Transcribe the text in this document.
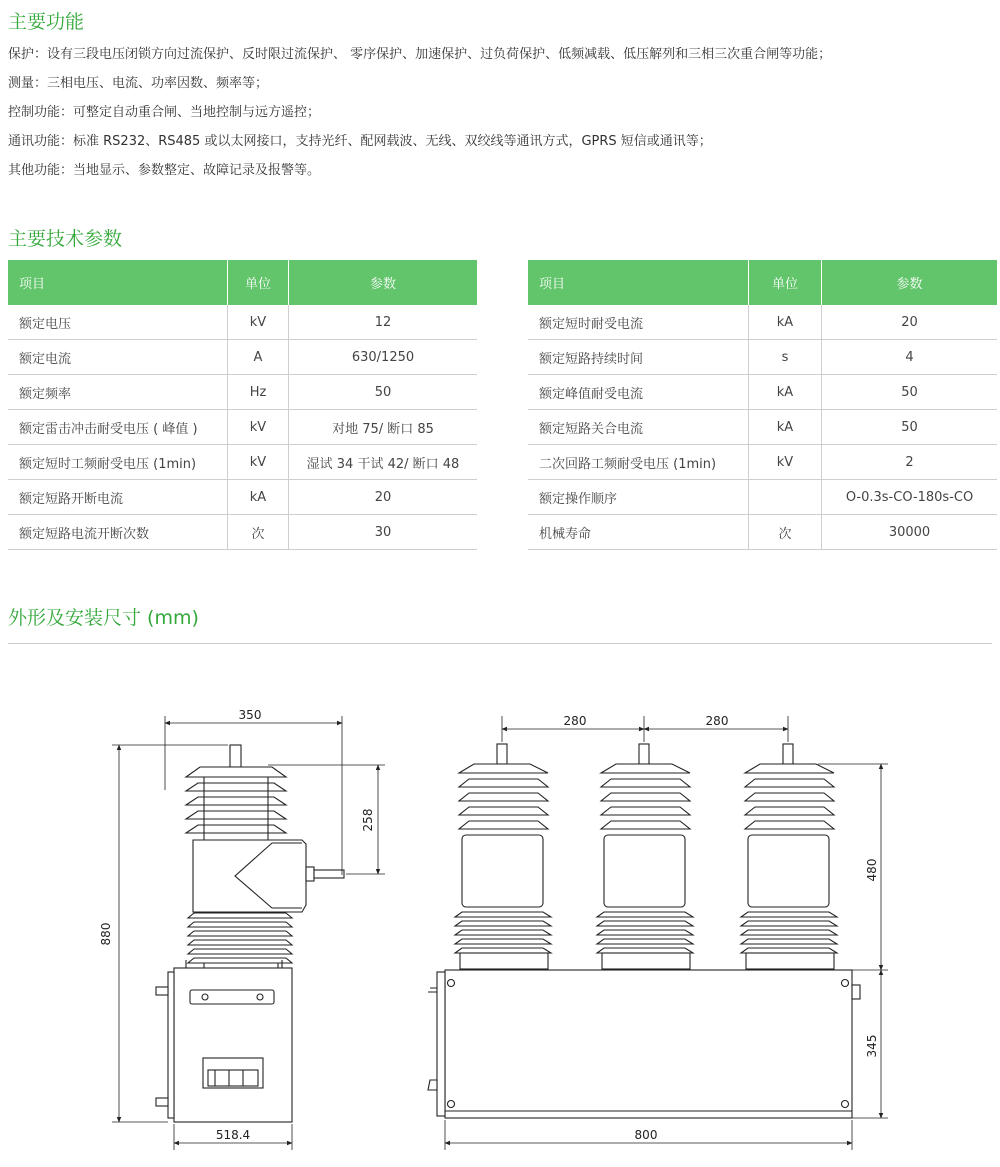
主要功能
保护：设有三段电压闭锁方向过流保护、反时限过流保护、 零序保护、加速保护、过负荷保护、低频减载、低压解列和三相三次重合闸等功能；
测量：三相电压、电流、功率因数、频率等；
控制功能：可整定自动重合闸、当地控制与远方遥控；
通讯功能：标准 RS232、RS485 或以太网接口，支持光纤、配网载波、无线、双绞线等通讯方式，GPRS 短信或通讯等；
其他功能：当地显示、参数整定、故障记录及报警等。
主要技术参数
项目	单位	参数
额定电压	kV	12
额定电流	A	630/1250
额定频率	Hz	50
额定雷击冲击耐受电压 ( 峰值 )	kV	对地 75/ 断口 85
额定短时工频耐受电压 (1min)	kV	湿试 34 干试 42/ 断口 48
额定短路开断电流	kA	20
额定短路电流开断次数	次	30
项目	单位	参数
额定短时耐受电流	kA	20
额定短路持续时间	s	4
额定峰值耐受电流	kA	50
额定短路关合电流	kA	50
二次回路工频耐受电压 (1min)	kV	2
额定操作顺序		O-0.3s-CO-180s-CO
机械寿命	次	30000
外形及安装尺寸 (mm)
350
258
880
518.4
280	280
480
345
800
